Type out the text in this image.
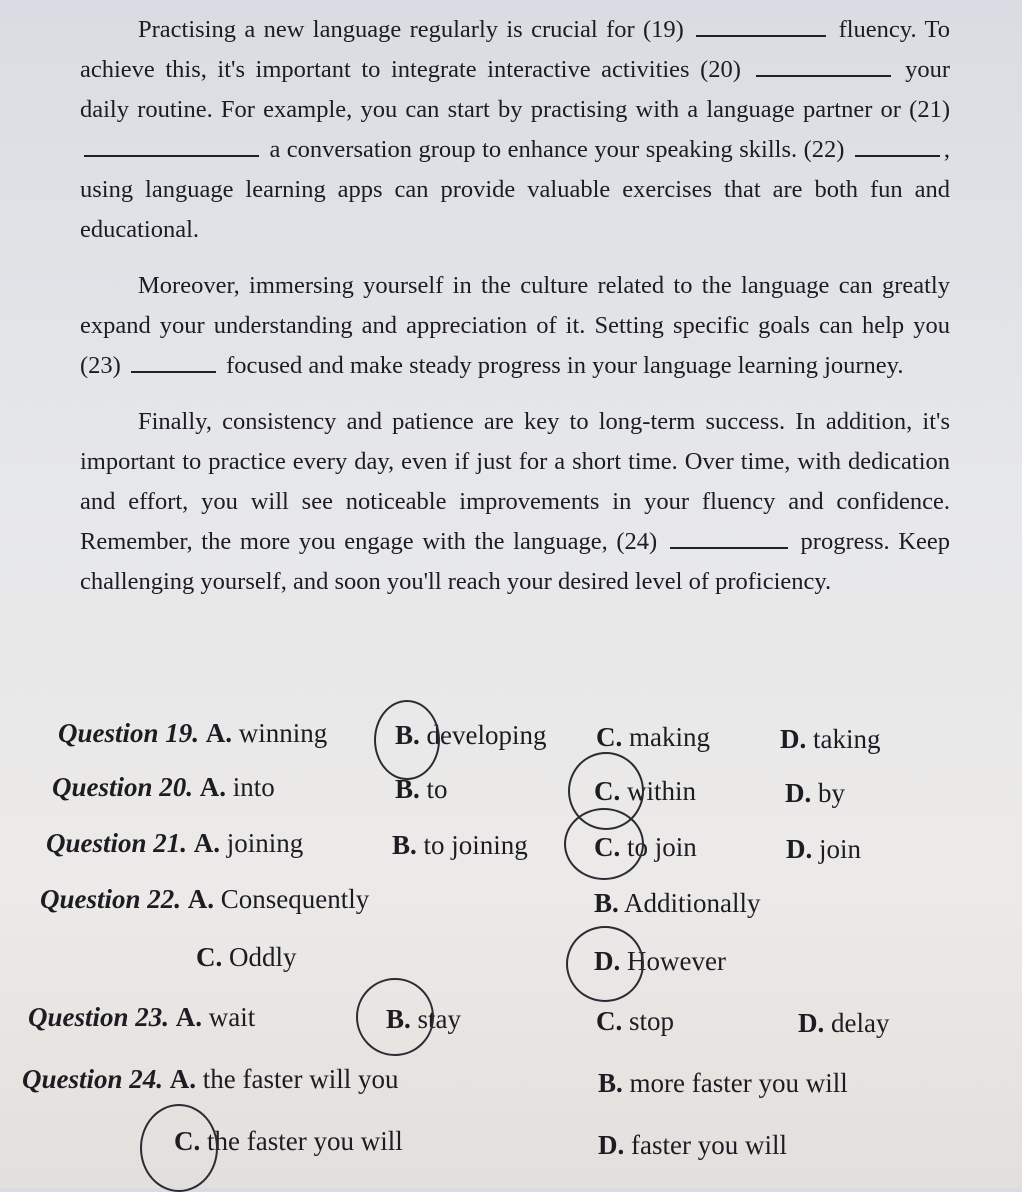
Practising a new language regularly is crucial for (19)	fluency. To achieve this, it's important to integrate interactive activities (20)	your daily routine. For example, you can start by practising with a language partner or (21)  a conversation group to enhance your speaking skills. (22)	, using language learning apps can provide valuable exercises that are both fun and educational.

Moreover, immersing yourself in the culture related to the language can greatly expand your understanding and appreciation of it. Setting specific goals can help you (23)	focused and make steady progress in your language learning journey.

Finally, consistency and patience are key to long-term success. In addition, it's important to practice every day, even if just for a short time. Over time, with dedication and effort, you will see noticeable improvements in your fluency and confidence. Remember, the more you engage with the language, (24)	progress. Keep challenging yourself, and soon you'll reach your desired level of proficiency.

Question 19. A. winning	B. developing C. making	D. taking
Question 20. A. into	B. to	C. within	D. by
Question 21. A. joining	B. to joining C. to join	D. join
Question 22. A. Consequently	B. Additionally
C. Oddly	D. However
Question 23. A. wait	B. stay	C. stop	D. delay
Question 24. A. the faster will you	B. more faster you will
C. the faster you will	D. faster you will
